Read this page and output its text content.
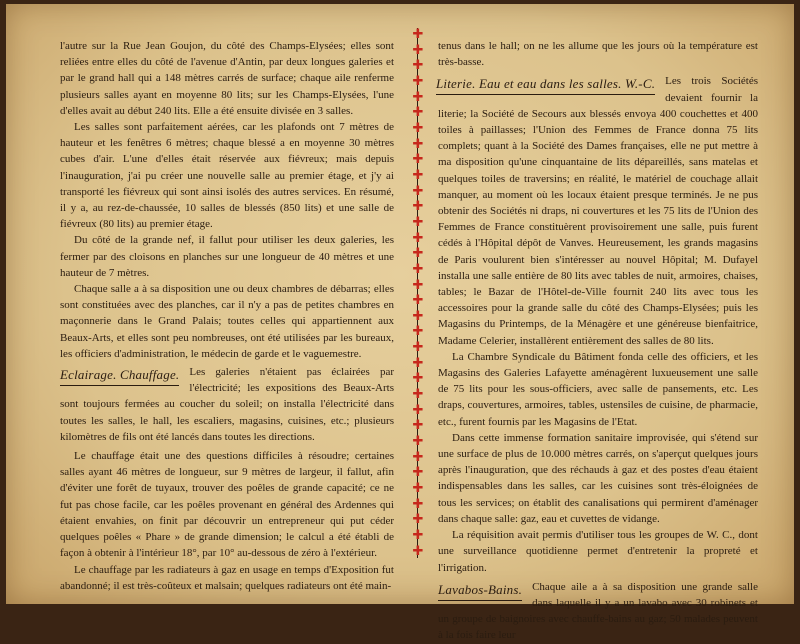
l'autre sur la Rue Jean Goujon, du côté des Champs-Elysées; elles sont reliées entre elles du côté de l'avenue d'Antin, par deux longues galeries et par le grand hall qui a 148 mètres carrés de surface; chaque aile renferme plusieurs salles ayant en moyenne 80 lits; sur les Champs-Elysées, l'une d'elles avait au début 240 lits. Elle a été ensuite divisée en 3 salles.

Les salles sont parfaitement aérées, car les plafonds ont 7 mètres de hauteur et les fenêtres 6 mètres; chaque blessé a en moyenne 30 mètres cubes d'air. L'une d'elles était réservée aux fiévreux; mais depuis l'inauguration, j'ai pu créer une nouvelle salle au premier étage, et j'y ai transporté les fiévreux qui sont ainsi isolés des autres services. En résumé, il y a, au rez-de-chaussée, 10 salles de blessés (850 lits) et une salle de fiévreux (80 lits) au premier étage.

Du côté de la grande nef, il fallut pour utiliser les deux galeries, les fermer par des cloisons en planches sur une longueur de 40 mètres et une hauteur de 7 mètres.

Chaque salle a à sa disposition une ou deux chambres de débarras; elles sont constituées avec des planches, car il n'y a pas de petites chambres en maçonnerie dans le Grand Palais; toutes celles qui appartiennent aux Beaux-Arts, et elles sont peu nombreuses, ont été utilisées par les bureaux, les officiers d'administration, le médecin de garde et le vaguemestre.

Eclairage. Chauffage. Les galeries n'étaient pas éclairées par l'électricité; les expositions des Beaux-Arts sont toujours fermées au coucher du soleil; on installa l'électricité dans toutes les salles, le hall, les escaliers, magasins, cuisines, etc.; plusieurs kilomètres de fils ont été lancés dans toutes les directions.

Le chauffage était une des questions difficiles à résoudre; certaines salles ayant 46 mètres de longueur, sur 9 mètres de largeur, il fallut, afin d'éviter une forêt de tuyaux, trouver des poêles de grande capacité; ce ne fut pas chose facile, car les poêles provenant en général des Ardennes qui étaient envahies, on finit par découvrir un entrepreneur qui put céder quelques poêles « Phare » de grande dimension; le calcul a été établi de façon à obtenir à l'intérieur 18°, par 10° au-dessous de zéro à l'extérieur.

Le chauffage par les radiateurs à gaz en usage en temps d'Exposition fut abandonné; il est très-coûteux et malsain; quelques radiateurs ont été main-

✚
✚
✚
✚
✚
✚
✚
✚
✚
✚
✚
✚
✚
✚
✚
✚
✚
✚
✚
✚
✚
✚
✚
✚
✚
✚
✚
✚
✚
✚
✚
✚
✚
✚

tenus dans le hall; on ne les allume que les jours où la température est très-basse.

Literie. Eau et eau dans les salles. W.-C. Les trois Sociétés devaient fournir la literie; la Société de Secours aux blessés envoya 400 couchettes et 400 toiles à paillasses; l'Union des Femmes de France donna 75 lits complets; quant à la Société des Dames françaises, elle ne put mettre à ma disposition qu'une cinquantaine de lits dépareillés, sans matelas et quelques toiles de traversins; en réalité, le matériel de couchage allait manquer, au moment où les locaux étaient presque terminés. Je ne pus obtenir des Sociétés ni draps, ni couvertures et les 75 lits de l'Union des Femmes de France constituèrent provisoirement une salle, puis furent cédés à l'Hôpital dépôt de Vanves. Heureusement, les grands magasins de Paris voulurent bien s'intéresser au nouvel Hôpital; M. Dufayel installa une salle entière de 80 lits avec tables de nuit, armoires, chaises, tables; le Bazar de l'Hôtel-de-Ville fournit 240 lits avec tous les accessoires pour la grande salle du côté des Champs-Elysées; puis les Magasins du Printemps, de la Ménagère et une généreuse bienfaitrice, Madame Celerier, installèrent entièrement des salles de 80 lits.

La Chambre Syndicale du Bâtiment fonda celle des officiers, et les Magasins des Galeries Lafayette aménagèrent luxueusement une salle de 75 lits pour les sous-officiers, avec salle de pansements, etc. Les draps, couvertures, armoires, tables, ustensiles de cuisine, de pharmacie, etc., furent fournis par les Magasins de l'Etat.

Dans cette immense formation sanitaire improvisée, qui s'étend sur une surface de plus de 10.000 mètres carrés, on s'aperçut quelques jours après l'inauguration, que des réchauds à gaz et des postes d'eau étaient indispensables dans les salles, car les cuisines sont très-éloignées de tous les services; on établit des canalisations qui permirent d'aménager dans chaque salle: gaz, eau et cuvettes de vidange.

La réquisition avait permis d'utiliser tous les groupes de W. C., dont une surveillance quotidienne permet d'entretenir la propreté et l'irrigation.

Lavabos-Bains. Chaque aile a à sa disposition une grande salle dans laquelle il y a un lavabo avec 30 robinets et un groupe de baignoires avec chauffe-bains au gaz; 50 malades peuvent à la fois faire leur
